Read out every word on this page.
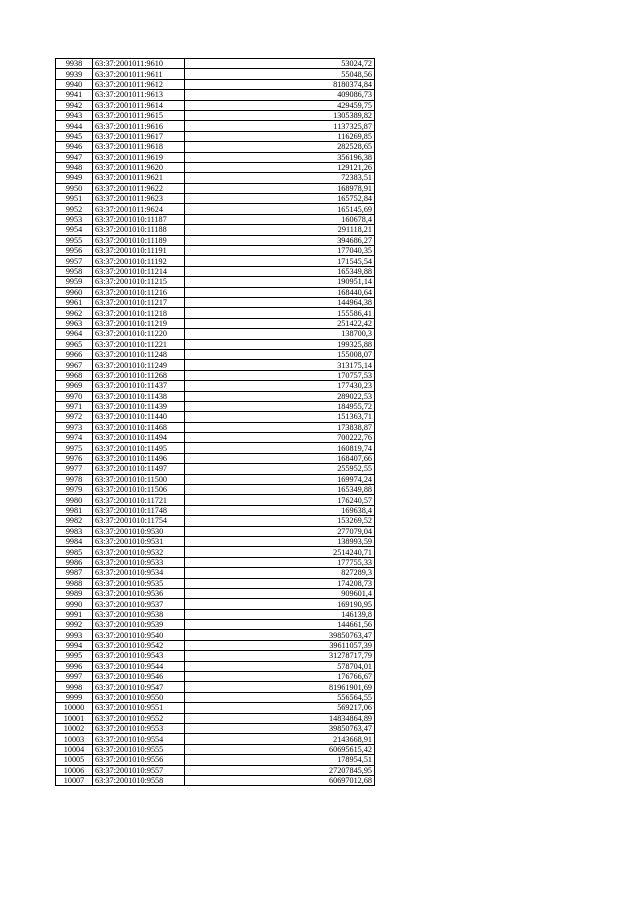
9938	63:37:2001011:9610	53024,72
9939	63:37:2001011:9611	55048,56
9940	63:37:2001011:9612	8180374,84
9941	63:37:2001011:9613	409086,73
9942	63:37:2001011:9614	429459,75
9943	63:37:2001011:9615	1305389,82
9944	63:37:2001011:9616	1137325,87
9945	63:37:2001011:9617	116269,85
9946	63:37:2001011:9618	282528,65
9947	63:37:2001011:9619	356196,38
9948	63:37:2001011:9620	129121,26
9949	63:37:2001011:9621	72383,51
9950	63:37:2001011:9622	168978,91
9951	63:37:2001011:9623	165752,84
9952	63:37:2001011:9624	165145,69
9953	63:37:2001010:11187	160678,4
9954	63:37:2001010:11188	291118,21
9955	63:37:2001010:11189	394686,27
9956	63:37:2001010:11191	177040,35
9957	63:37:2001010:11192	171545,54
9958	63:37:2001010:11214	165349,88
9959	63:37:2001010:11215	190951,14
9960	63:37:2001010:11216	168440,64
9961	63:37:2001010:11217	144964,38
9962	63:37:2001010:11218	155586,41
9963	63:37:2001010:11219	251422,42
9964	63:37:2001010:11220	138700,3
9965	63:37:2001010:11221	199325,88
9966	63:37:2001010:11248	155008,07
9967	63:37:2001010:11249	313175,14
9968	63:37:2001010:11268	170757,53
9969	63:37:2001010:11437	177430,23
9970	63:37:2001010:11438	289022,53
9971	63:37:2001010:11439	184955,72
9972	63:37:2001010:11440	151363,71
9973	63:37:2001010:11468	173838,87
9974	63:37:2001010:11494	700222,76
9975	63:37:2001010:11495	160819,74
9976	63:37:2001010:11496	168407,66
9977	63:37:2001010:11497	255952,55
9978	63:37:2001010:11500	169974,24
9979	63:37:2001010:11506	165349,88
9980	63:37:2001010:11721	176240,57
9981	63:37:2001010:11748	169638,4
9982	63:37:2001010:11754	153269,52
9983	63:37:2001010:9530	277079,04
9984	63:37:2001010:9531	138993,59
9985	63:37:2001010:9532	2514240,71
9986	63:37:2001010:9533	177755,33
9987	63:37:2001010:9534	827289,3
9988	63:37:2001010:9535	174208,73
9989	63:37:2001010:9536	909601,4
9990	63:37:2001010:9537	169190,95
9991	63:37:2001010:9538	146139,8
9992	63:37:2001010:9539	144661,56
9993	63:37:2001010:9540	39850763,47
9994	63:37:2001010:9542	39611057,39
9995	63:37:2001010:9543	31278717,79
9996	63:37:2001010:9544	578704,01
9997	63:37:2001010:9546	176766,67
9998	63:37:2001010:9547	81961901,69
9999	63:37:2001010:9550	556564,55
10000	63:37:2001010:9551	569217,06
10001	63:37:2001010:9552	14834864,89
10002	63:37:2001010:9553	39850763,47
10003	63:37:2001010:9554	2143668,91
10004	63:37:2001010:9555	60695615,42
10005	63:37:2001010:9556	178954,51
10006	63:37:2001010:9557	27207845,95
10007	63:37:2001010:9558	60697012,68
